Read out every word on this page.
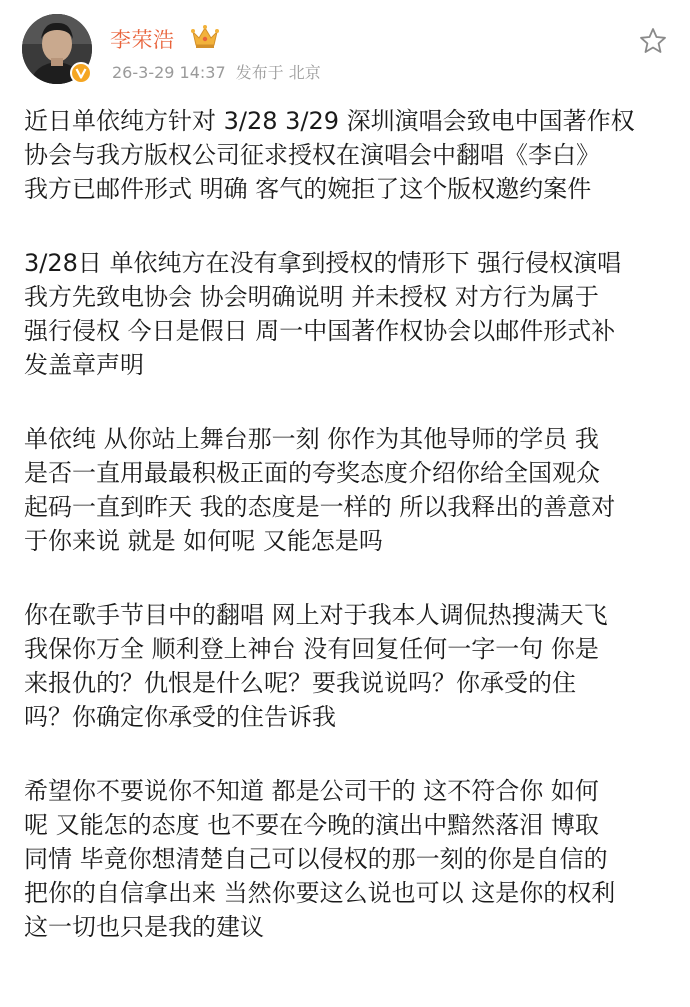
李荣浩
26-3-29 14:37 发布于 北京
近日单依纯方针对 3/28 3/29 深圳演唱会致电中国著作权
协会与我方版权公司征求授权在演唱会中翻唱《李白》
我方已邮件形式 明确 客气的婉拒了这个版权邀约案件
3/28日 单依纯方在没有拿到授权的情形下 强行侵权演唱
我方先致电协会 协会明确说明 并未授权 对方行为属于
强行侵权 今日是假日 周一中国著作权协会以邮件形式补
发盖章声明
单依纯 从你站上舞台那一刻 你作为其他导师的学员 我
是否一直用最最积极正面的夸奖态度介绍你给全国观众
起码一直到昨天 我的态度是一样的 所以我释出的善意对
于你来说 就是 如何呢 又能怎是吗
你在歌手节目中的翻唱 网上对于我本人调侃热搜满天飞
我保你万全 顺利登上神台 没有回复任何一字一句 你是
来报仇的？仇恨是什么呢？要我说说吗？你承受的住
吗？你确定你承受的住告诉我
希望你不要说你不知道 都是公司干的 这不符合你 如何
呢 又能怎的态度 也不要在今晚的演出中黯然落泪 博取
同情 毕竟你想清楚自己可以侵权的那一刻的你是自信的
把你的自信拿出来 当然你要这么说也可以 这是你的权利
这一切也只是我的建议
